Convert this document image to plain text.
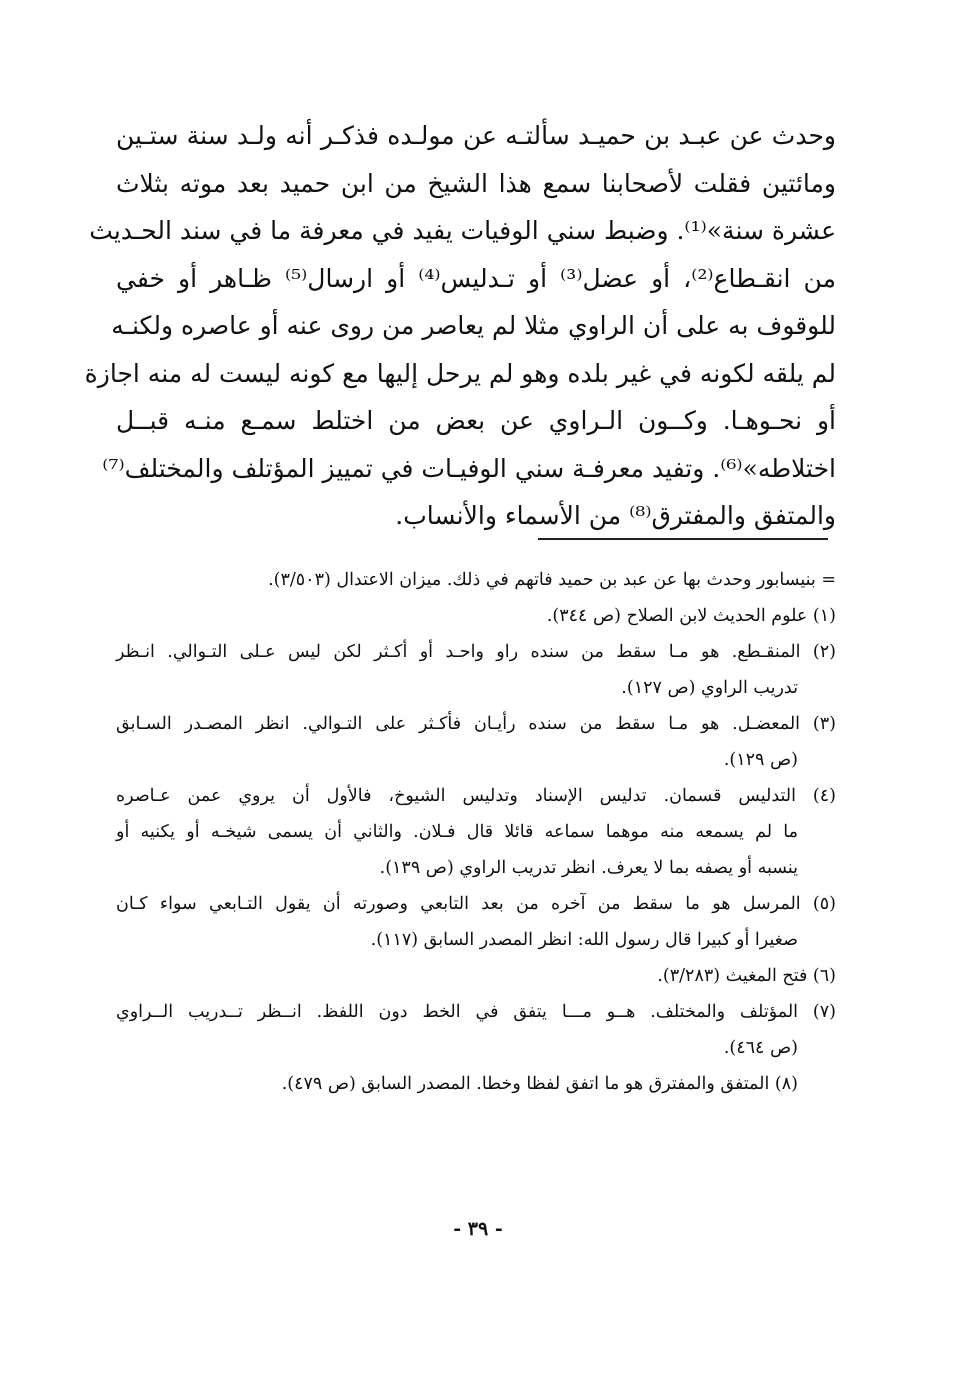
وحدث عن عبـد بن حميـد سألتـه عن مولـده فذكـر أنه ولـد سنة ستـين
ومائتين فقلت لأصحابنا سمع هذا الشيخ من ابن حميد بعد موته بثلاث
عشرة سنة»⁽¹⁾. وضبط سني الوفيات يفيد في معرفة ما في سند الحـديث
من انقـطاع⁽²⁾، أو عضل⁽³⁾ أو تـدليس⁽⁴⁾ أو ارسال⁽⁵⁾ ظـاهر أو خفي
للوقوف به على أن الراوي مثلا لم يعاصر من روى عنه أو عاصره ولكنـه
لم يلقه لكونه في غير بلده وهو لم يرحل إليها مع كونه ليست له منه اجازة
أو نحـوهـا. وكــون الـراوي عن بعض من اختلط سمـع منـه قبــل
اختلاطه»⁽⁶⁾. وتفيد معرفـة سني الوفيـات في تمييز المؤتلف والمختلف⁽⁷⁾
والمتفق والمفترق⁽⁸⁾ من الأسماء والأنساب.
= بنيسابور وحدث بها عن عبد بن حميد فاتهم في ذلك. ميزان الاعتدال (٣/٥٠٣).
(١) علوم الحديث لابن الصلاح (ص ٣٤٤).
(٢) المنقـطع. هو مـا سقط من سنده راو واحـد أو أكـثر لكن ليس عـلى التـوالي. انـظر
تدريب الراوي (ص ١٢٧).
(٣) المعضـل. هو مـا سقط من سنده رأيـان فأكـثر على التـوالي. انظر المصـدر السـابق
(ص ١٢٩).
(٤) التدليس قسمان. تدليس الإسناد وتدليس الشيوخ، فالأول أن يروي عمن عـاصره
ما لم يسمعه منه موهما سماعه قائلا قال فـلان. والثاني أن يسمى شيخـه أو يكنيه أو
ينسبه أو يصفه بما لا يعرف. انظر تدريب الراوي (ص ١٣٩).
(٥) المرسل هو ما سقط من آخره من بعد التابعي وصورته أن يقول التـابعي سواء كـان
صغيرا أو كبيرا قال رسول الله: انظر المصدر السابق (١١٧).
(٦) فتح المغيث (٣/٢٨٣).
(٧) المؤتلف والمختلف. هــو مـــا يتفق في الخط دون اللفظ. انــظر تــدريب الــراوي
(ص ٤٦٤).
(٨) المتفق والمفترق هو ما اتفق لفظا وخطا. المصدر السابق (ص ٤٧٩).
- ٣٩ -
